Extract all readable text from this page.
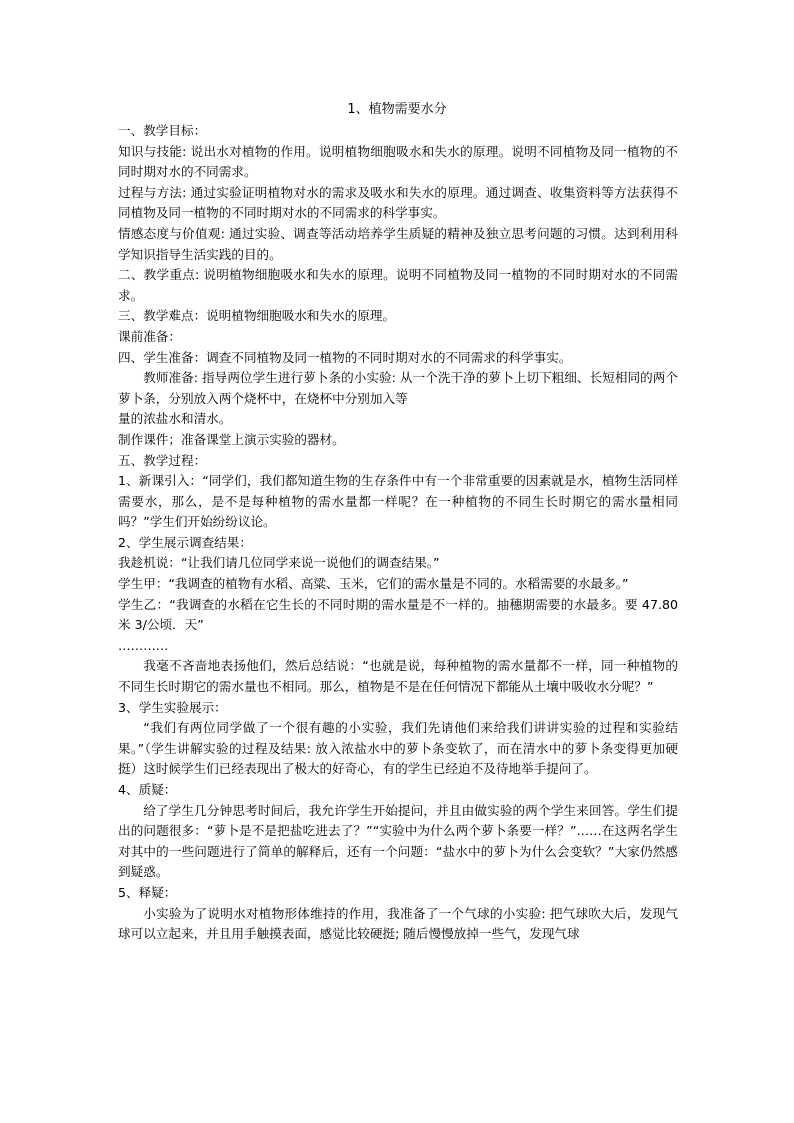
1、植物需要水分

一、教学目标：

知识与技能: 说出水对植物的作用。说明植物细胞吸水和失水的原理。说明不同植物及同一植物的不同时期对水的不同需求。

过程与方法: 通过实验证明植物对水的需求及吸水和失水的原理。通过调查、收集资料等方法获得不同植物及同一植物的不同时期对水的不同需求的科学事实。

情感态度与价值观: 通过实验、调查等活动培养学生质疑的精神及独立思考问题的习惯。达到利用科学知识指导生活实践的目的。

二、教学重点: 说明植物细胞吸水和失水的原理。说明不同植物及同一植物的不同时期对水的不同需求。

三、教学难点：说明植物细胞吸水和失水的原理。

课前准备：

四、学生准备：调查不同植物及同一植物的不同时期对水的不同需求的科学事实。

教师准备: 指导两位学生进行萝卜条的小实验: 从一个洗干净的萝卜上切下粗细、长短相同的两个萝卜条，分别放入两个烧杯中，在烧杯中分别加入等

量的浓盐水和清水。

制作课件；准备课堂上演示实验的器材。

五、教学过程：

1、新课引入：“同学们，我们都知道生物的生存条件中有一个非常重要的因素就是水，植物生活同样需要水，那么，是不是每种植物的需水量都一样呢？在一种植物的不同生长时期它的需水量相同吗？”学生们开始纷纷议论。

2、学生展示调查结果：

我趁机说：“让我们请几位同学来说一说他们的调查结果。”

学生甲：“我调查的植物有水稻、高粱、玉米，它们的需水量是不同的。水稻需要的水最多。”

学生乙：“我调查的水稻在它生长的不同时期的需水量是不一样的。抽穗期需要的水最多。要 47.80 米 3/公顷．天”

…………

我毫不吝啬地表扬他们，然后总结说：“也就是说，每种植物的需水量都不一样，同一种植物的不同生长时期它的需水量也不相同。那么，植物是不是在任何情况下都能从土壤中吸收水分呢？”

3、学生实验展示：

“我们有两位同学做了一个很有趣的小实验，我们先请他们来给我们讲讲实验的过程和实验结果。”（学生讲解实验的过程及结果: 放入浓盐水中的萝卜条变软了，而在清水中的萝卜条变得更加硬挺）这时候学生们已经表现出了极大的好奇心，有的学生已经迫不及待地举手提问了。

4、质疑：

给了学生几分钟思考时间后，我允许学生开始提问，并且由做实验的两个学生来回答。学生们提出的问题很多：“萝卜是不是把盐吃进去了？”“实验中为什么两个萝卜条要一样？”……在这两名学生对其中的一些问题进行了简单的解释后，还有一个问题：“盐水中的萝卜为什么会变软？”大家仍然感到疑惑。

5、释疑：

小实验为了说明水对植物形体维持的作用，我准备了一个气球的小实验: 把气球吹大后，发现气球可以立起来，并且用手触摸表面，感觉比较硬挺; 随后慢慢放掉一些气，发现气球
